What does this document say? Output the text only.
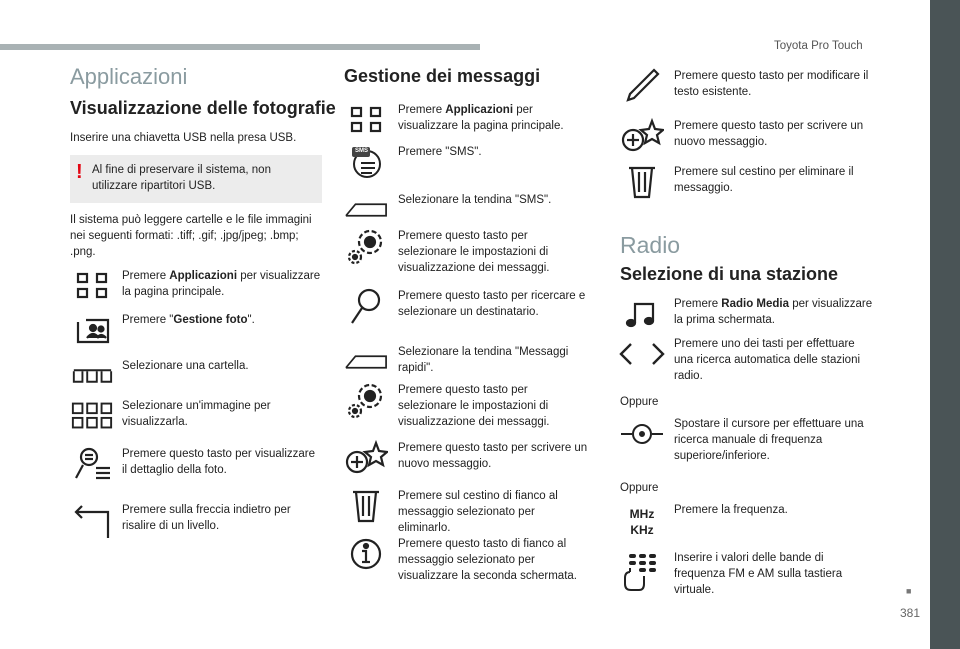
Toyota Pro Touch
■
381
Applicazioni
Visualizzazione delle fotografie
Inserire una chiavetta USB nella presa USB.
! Al fine di preservare il sistema, non utilizzare ripartitori USB.
Il sistema può leggere cartelle e le file immagini nei seguenti formati: .tiff; .gif; .jpg/jpeg; .bmp; .png.
Premere Applicazioni per visualizzare la pagina principale.
Premere "Gestione foto".
Selezionare una cartella.
Selezionare un'immagine per visualizzarla.
Premere questo tasto per visualizzare il dettaglio della foto.
Premere sulla freccia indietro per risalire di un livello.
Gestione dei messaggi
Premere Applicazioni per visualizzare la pagina principale.
SMS	Premere "SMS".
Selezionare la tendina "SMS".
Premere questo tasto per selezionare le impostazioni di visualizzazione dei messaggi.
Premere questo tasto per ricercare e selezionare un destinatario.
Selezionare la tendina "Messaggi rapidi".
Premere questo tasto per selezionare le impostazioni di visualizzazione dei messaggi.
Premere questo tasto per scrivere un nuovo messaggio.
Premere sul cestino di fianco al messaggio selezionato per eliminarlo.
Premere questo tasto di fianco al messaggio selezionato per visualizzare la seconda schermata.
Premere questo tasto per modificare il testo esistente.
Premere questo tasto per scrivere un nuovo messaggio.
Premere sul cestino per eliminare il messaggio.
Radio
Selezione di una stazione
Premere Radio Media per visualizzare la prima schermata.
Premere uno dei tasti per effettuare una ricerca automatica delle stazioni radio.
Oppure
Spostare il cursore per effettuare una ricerca manuale di frequenza superiore/inferiore.
Oppure
MHz
KHz
Premere la frequenza.
Inserire i valori delle bande di frequenza FM e AM sulla tastiera virtuale.
